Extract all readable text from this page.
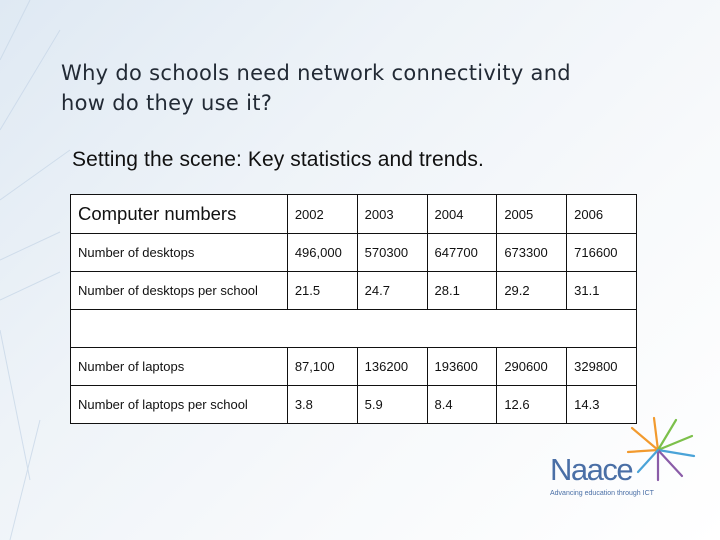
Why do schools need network connectivity and
how do they use it?
Setting the scene: Key statistics and trends.
Computer numbers	2002	2003	2004	2005	2006
Number of desktops	496,000	570300	647700	673300	716600
Number of desktops per school	21.5	24.7	28.1	29.2	31.1

Number of laptops	87,100	136200	193600	290600	329800
Number of laptops per school	3.8	5.9	8.4	12.6	14.3
Naace
Advancing education through ICT
